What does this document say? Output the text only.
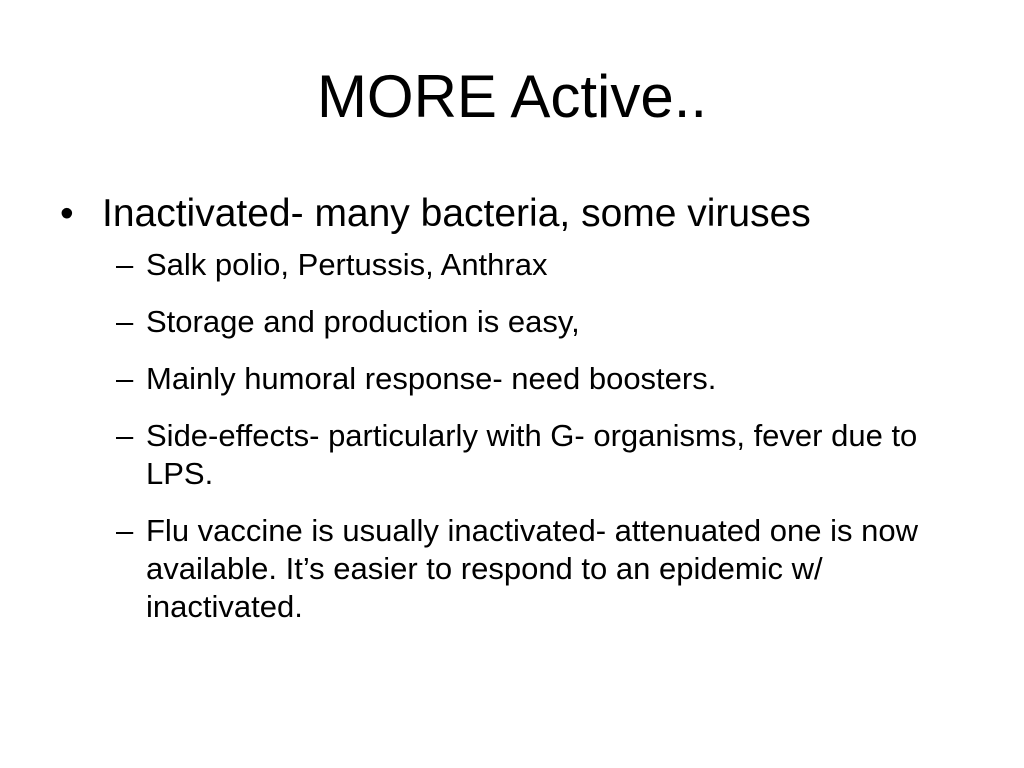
MORE Active..
• Inactivated- many bacteria, some viruses
– Salk polio, Pertussis, Anthrax
– Storage and production is easy,
– Mainly humoral response- need boosters.
– Side-effects- particularly with G- organisms, fever due to LPS.
– Flu vaccine is usually inactivated- attenuated one is now available. It’s easier to respond to an epidemic w/ inactivated.
